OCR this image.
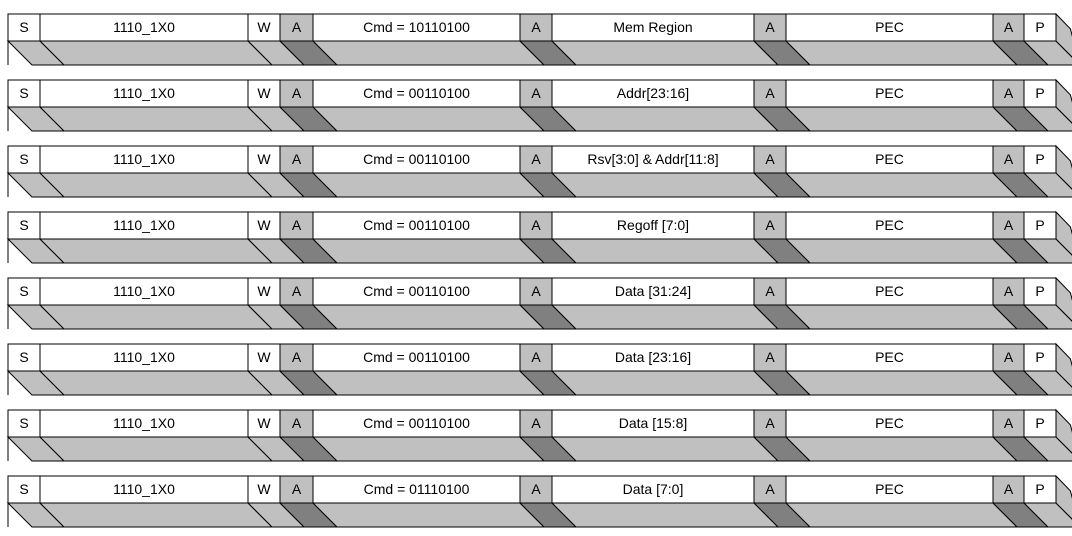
S	1110_1X0	W A	Cmd = 10110100	A	Mem Region	A	PEC	A P
S	1110_1X0	W A	Cmd = 00110100	A	Addr[23:16]	A	PEC	A P
S	1110_1X0	W A	Cmd = 00110100	A	Rsv[3:0] & Addr[11:8]	A	PEC	A P
S	1110_1X0	W A	Cmd = 00110100	A	Regoff [7:0]	A	PEC	A P
S	1110_1X0	W A	Cmd = 00110100	A	Data [31:24]	A	PEC	A P
S	1110_1X0	W A	Cmd = 00110100	A	Data [23:16]	A	PEC	A P
S	1110_1X0	W A	Cmd = 00110100	A	Data [15:8]	A	PEC	A P
S	1110_1X0	W A	Cmd = 01110100	A	Data [7:0]	A	PEC	A P
